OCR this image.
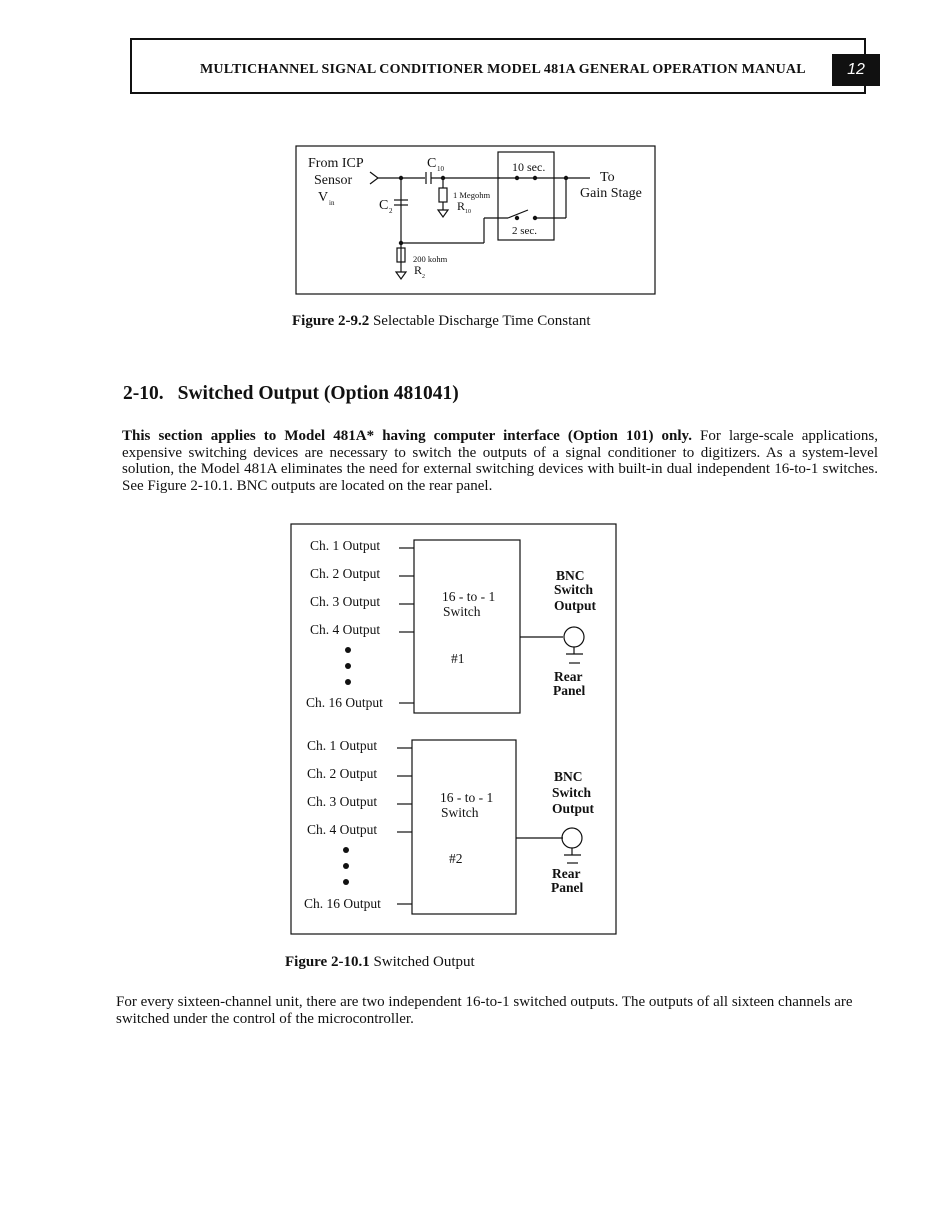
MULTICHANNEL SIGNAL CONDITIONER MODEL 481A GENERAL OPERATION MANUAL	12
From ICP
Sensor
V in	C 2
C 10
1 Megohm
R 10
200 kohm
R 2
10 sec.
2 sec.
To
Gain Stage
Figure 2-9.2 Selectable Discharge Time Constant
2-10. Switched Output (Option 481041)
This section applies to Model 481A* having computer interface (Option 101) only. For large-scale applications, expensive switching devices are necessary to switch the outputs of a signal conditioner to digitizers. As a system-level solution, the Model 481A eliminates the need for external switching devices with built-in dual independent 16-to-1 switches. See Figure 2-10.1. BNC outputs are located on the rear panel.
Ch. 1 Output
Ch. 2 Output
Ch. 3 Output
Ch. 4 Output
Ch. 16 Output
16 - to - 1
Switch
#1
BNC
Switch
Output
Rear
Panel
Ch. 1 Output
Ch. 2 Output
Ch. 3 Output
Ch. 4 Output
Ch. 16 Output
16 - to - 1
Switch
#2
BNC
Switch
Output
Rear
Panel
Figure 2-10.1 Switched Output
For every sixteen-channel unit, there are two independent 16-to-1 switched outputs. The outputs of all sixteen channels are switched under the control of the microcontroller.
